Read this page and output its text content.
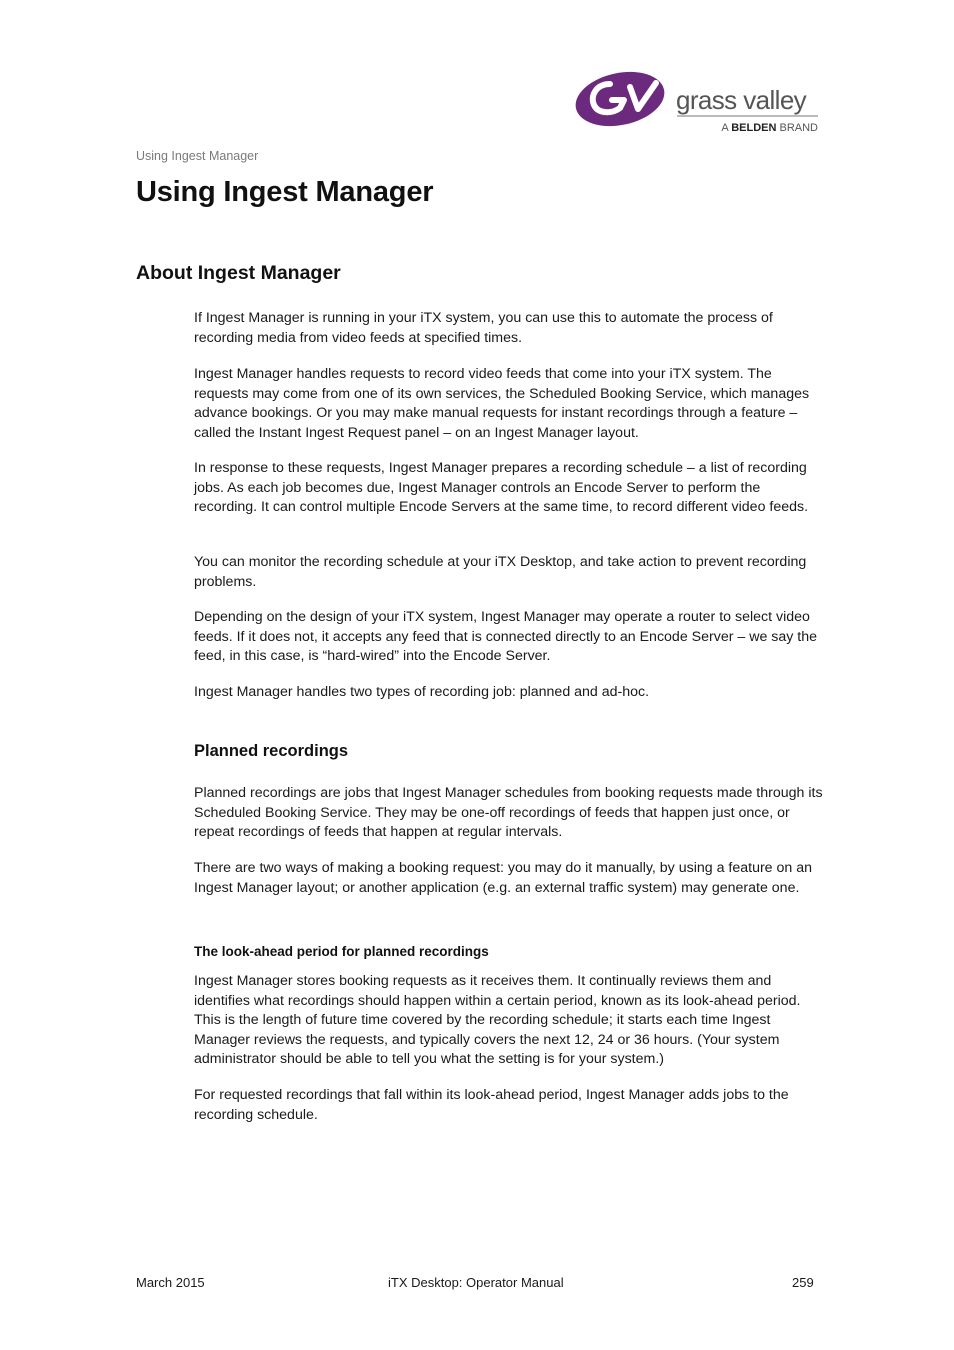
grass valley
A BELDEN BRAND
Using Ingest Manager
Using Ingest Manager
About Ingest Manager

If Ingest Manager is running in your iTX system, you can use this to automate the process of recording media from video feeds at specified times.

Ingest Manager handles requests to record video feeds that come into your iTX system. The requests may come from one of its own services, the Scheduled Booking Service, which manages advance bookings. Or you may make manual requests for instant recordings through a feature – called the Instant Ingest Request panel – on an Ingest Manager layout.

In response to these requests, Ingest Manager prepares a recording schedule – a list of recording jobs. As each job becomes due, Ingest Manager controls an Encode Server to perform the recording. It can control multiple Encode Servers at the same time, to record different video feeds.

You can monitor the recording schedule at your iTX Desktop, and take action to prevent recording problems.

Depending on the design of your iTX system, Ingest Manager may operate a router to select video feeds. If it does not, it accepts any feed that is connected directly to an Encode Server – we say the feed, in this case, is “hard-wired” into the Encode Server.

Ingest Manager handles two types of recording job: planned and ad-hoc.

Planned recordings

Planned recordings are jobs that Ingest Manager schedules from booking requests made through its Scheduled Booking Service. They may be one-off recordings of feeds that happen just once, or repeat recordings of feeds that happen at regular intervals.

There are two ways of making a booking request: you may do it manually, by using a feature on an Ingest Manager layout; or another application (e.g. an external traffic system) may generate one.

The look-ahead period for planned recordings

Ingest Manager stores booking requests as it receives them. It continually reviews them and identifies what recordings should happen within a certain period, known as its look-ahead period. This is the length of future time covered by the recording schedule; it starts each time Ingest Manager reviews the requests, and typically covers the next 12, 24 or 36 hours. (Your system administrator should be able to tell you what the setting is for your system.)

For requested recordings that fall within its look-ahead period, Ingest Manager adds jobs to the recording schedule.

March 2015	iTX Desktop: Operator Manual	259
